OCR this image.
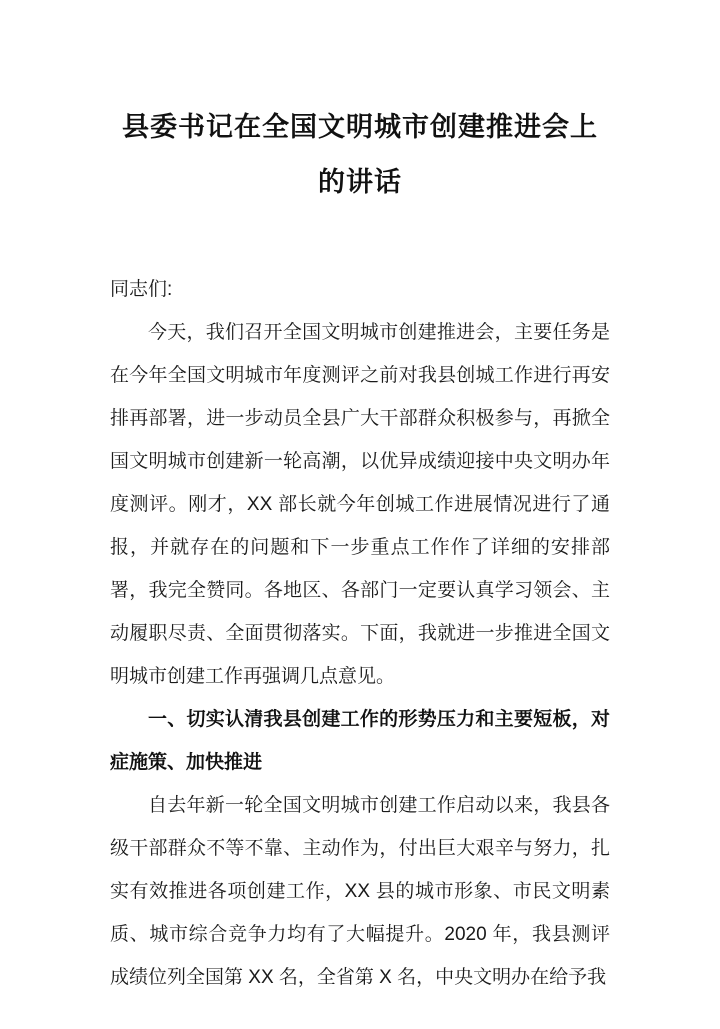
县委书记在全国文明城市创建推进会上
的讲话

同志们:

今天，我们召开全国文明城市创建推进会，主要任务是在今年全国文明城市年度测评之前对我县创城工作进行再安排再部署，进一步动员全县广大干部群众积极参与，再掀全国文明城市创建新一轮高潮，以优异成绩迎接中央文明办年度测评。刚才，XX 部长就今年创城工作进展情况进行了通报，并就存在的问题和下一步重点工作作了详细的安排部署，我完全赞同。各地区、各部门一定要认真学习领会、主动履职尽责、全面贯彻落实。下面，我就进一步推进全国文明城市创建工作再强调几点意见。

一、切实认清我县创建工作的形势压力和主要短板，对症施策、加快推进

自去年新一轮全国文明城市创建工作启动以来，我县各级干部群众不等不靠、主动作为，付出巨大艰辛与努力，扎实有效推进各项创建工作，XX 县的城市形象、市民文明素质、城市综合竞争力均有了大幅提升。2020 年，我县测评成绩位列全国第 XX 名，全省第 X 名，中央文明办在给予我
